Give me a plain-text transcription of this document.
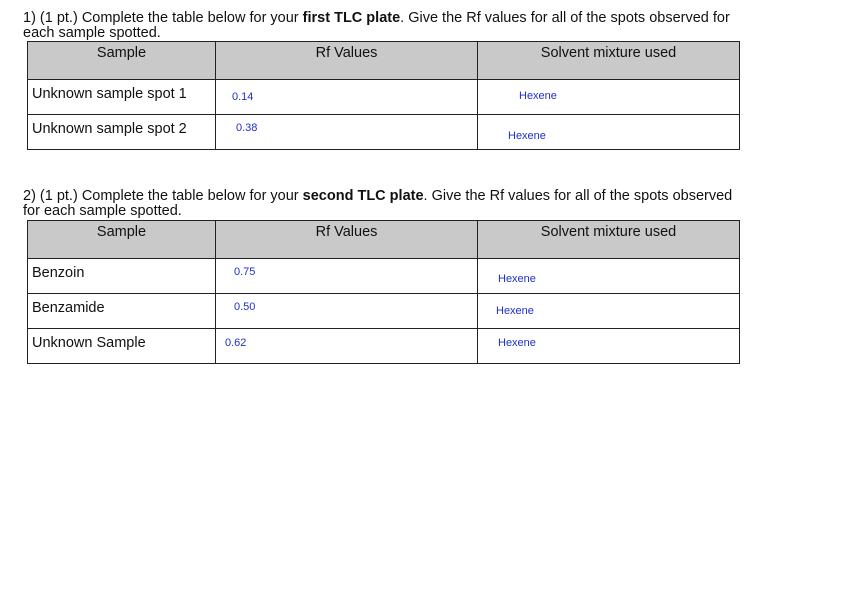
1) (1 pt.) Complete the table below for your first TLC plate. Give the Rf values for all of the spots observed for each sample spotted.
Sample	Rf Values	Solvent mixture used

Unknown sample spot 1	0.14	Hexene

Unknown sample spot 2	0.38	Hexene
2) (1 pt.) Complete the table below for your second TLC plate. Give the Rf values for all of the spots observed for each sample spotted.
Sample	Rf Values	Solvent mixture used

Benzoin	0.75	Hexene

Benzamide	0.50	Hexene

Unknown Sample	0.62	Hexene
